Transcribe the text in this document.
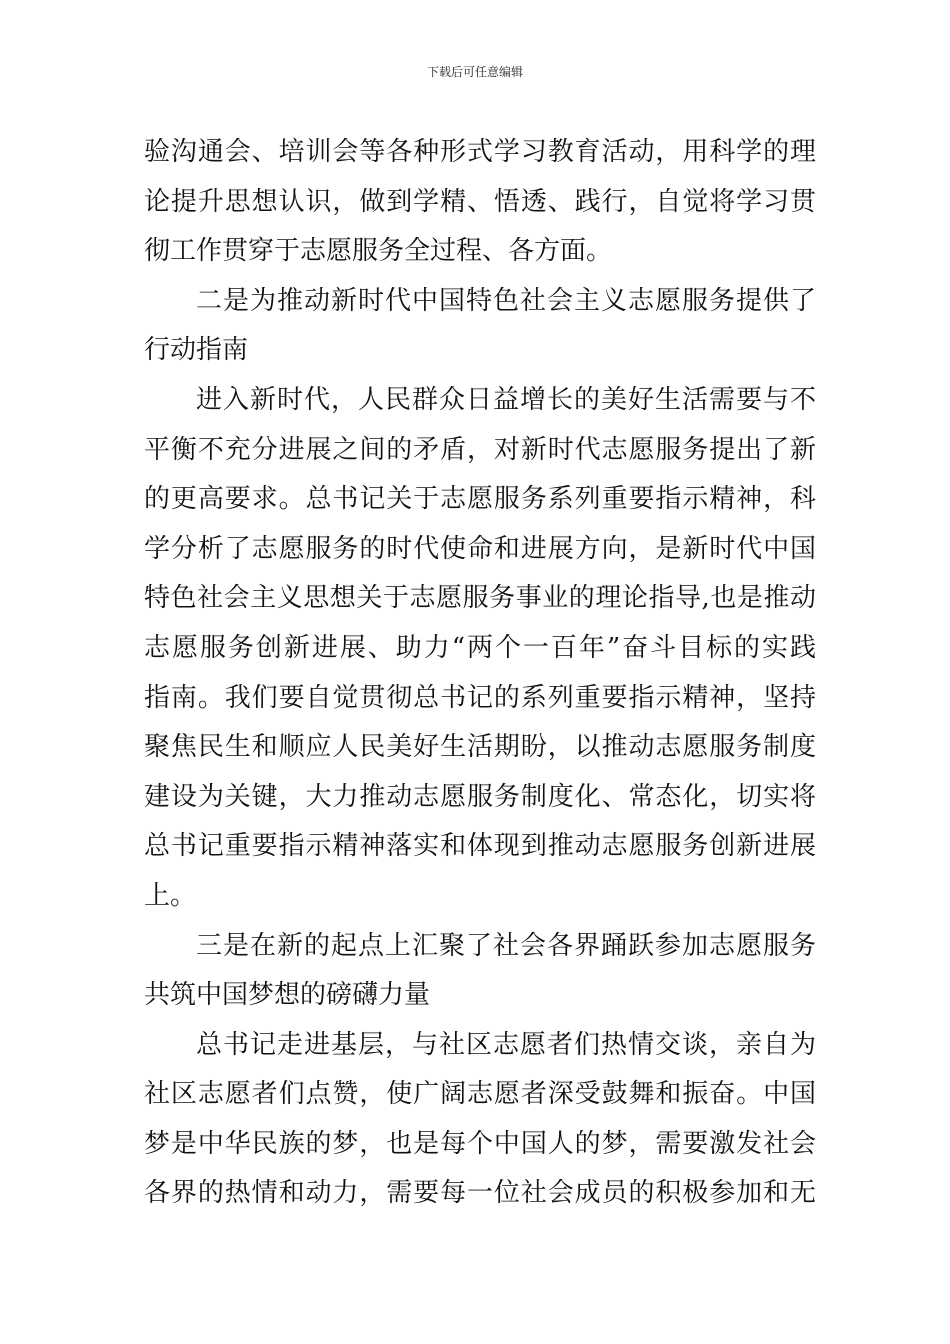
下载后可任意编辑
验沟通会、培训会等各种形式学习教育活动，用科学的理
论提升思想认识，做到学精、悟透、践行，自觉将学习贯
彻工作贯穿于志愿服务全过程、各方面。
二是为推动新时代中国特色社会主义志愿服务提供了
行动指南
进入新时代，人民群众日益增长的美好生活需要与不
平衡不充分进展之间的矛盾，对新时代志愿服务提出了新
的更高要求。总书记关于志愿服务系列重要指示精神，科
学分析了志愿服务的时代使命和进展方向，是新时代中国
特色社会主义思想关于志愿服务事业的理论指导,也是推动
志愿服务创新进展、助力“两个一百年”奋斗目标的实践
指南。我们要自觉贯彻总书记的系列重要指示精神，坚持
聚焦民生和顺应人民美好生活期盼，以推动志愿服务制度
建设为关键，大力推动志愿服务制度化、常态化，切实将
总书记重要指示精神落实和体现到推动志愿服务创新进展
上。
三是在新的起点上汇聚了社会各界踊跃参加志愿服务
共筑中国梦想的磅礴力量
总书记走进基层，与社区志愿者们热情交谈，亲自为
社区志愿者们点赞，使广阔志愿者深受鼓舞和振奋。中国
梦是中华民族的梦，也是每个中国人的梦，需要激发社会
各界的热情和动力，需要每一位社会成员的积极参加和无
